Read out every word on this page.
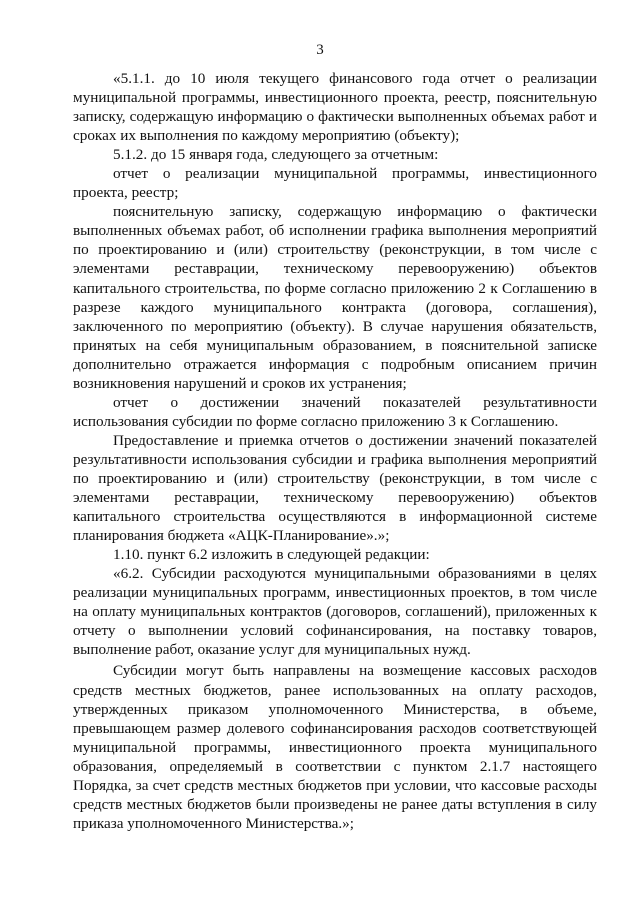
3

«5.1.1. до 10 июля текущего финансового года отчет о реализации муниципальной программы, инвестиционного проекта, реестр, пояснительную записку, содержащую информацию о фактически выполненных объемах работ и сроках их выполнения по каждому мероприятию (объекту);

5.1.2. до 15 января года, следующего за отчетным:

отчет о реализации муниципальной программы, инвестиционного проекта, реестр;

пояснительную записку, содержащую информацию о фактически выполненных объемах работ, об исполнении графика выполнения мероприятий по проектированию и (или) строительству (реконструкции, в том числе с элементами реставрации, техническому перевооружению) объектов капитального строительства, по форме согласно приложению 2 к Соглашению в разрезе каждого муниципального контракта (договора, соглашения), заключенного по мероприятию (объекту). В случае нарушения обязательств, принятых на себя муниципальным образованием, в пояснительной записке дополнительно отражается информация с подробным описанием причин возникновения нарушений и сроков их устранения;

отчет о достижении значений показателей результативности использования субсидии по форме согласно приложению 3 к Соглашению.

Предоставление и приемка отчетов о достижении значений показателей результативности использования субсидии и графика выполнения мероприятий по проектированию и (или) строительству (реконструкции, в том числе с элементами реставрации, техническому перевооружению) объектов капитального строительства осуществляются в информационной системе планирования бюджета «АЦК-Планирование».»;

1.10. пункт 6.2 изложить в следующей редакции:

«6.2. Субсидии расходуются муниципальными образованиями в целях реализации муниципальных программ, инвестиционных проектов, в том числе на оплату муниципальных контрактов (договоров, соглашений), приложенных к отчету о выполнении условий софинансирования, на поставку товаров, выполнение работ, оказание услуг для муниципальных нужд.

Субсидии могут быть направлены на возмещение кассовых расходов средств местных бюджетов, ранее использованных на оплату расходов, утвержденных приказом уполномоченного Министерства, в объеме, превышающем размер долевого софинансирования расходов соответствующей муниципальной программы, инвестиционного проекта муниципального образования, определяемый в соответствии с пунктом 2.1.7 настоящего Порядка, за счет средств местных бюджетов при условии, что кассовые расходы средств местных бюджетов были произведены не ранее даты вступления в силу приказа уполномоченного Министерства.»;
